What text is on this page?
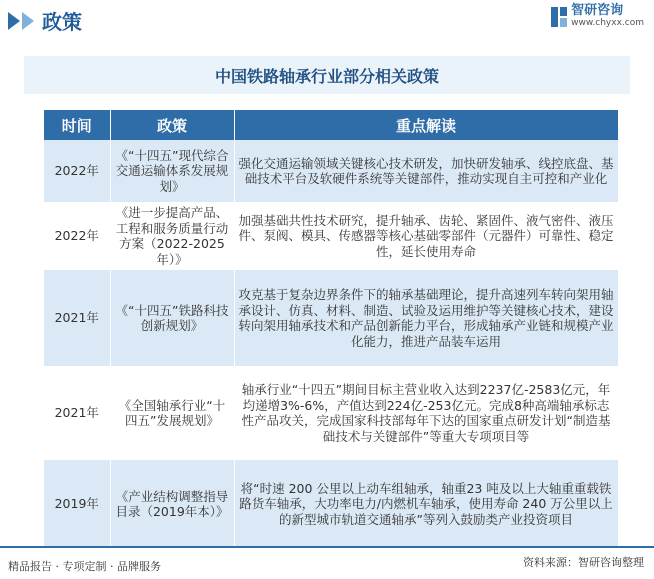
政策	智研咨询
www.chyxx.com
中国铁路轴承行业部分相关政策
时间	政策	重点解读
2022年	《“十四五”现代综合交通运输体系发展规划》	强化交通运输领域关键核心技术研发，加快研发轴承、线控底盘、基础技术平台及软硬件系统等关键部件，推动实现自主可控和产业化

2022年	《进一步提高产品、工程和服务质量行动方案（2022-2025年）》	加强基础共性技术研究，提升轴承、齿轮、紧固件、液气密件、液压件、泵阀、模具、传感器等核心基础零部件（元器件）可靠性、稳定性，延长使用寿命

2021年	《“十四五”铁路科技创新规划》	攻克基于复杂边界条件下的轴承基础理论，提升高速列车转向架用轴承设计、仿真、材料、制造、试验及运用维护等关键核心技术，建设转向架用轴承技术和产品创新能力平台，形成轴承产业链和规模产业化能力，推进产品装车运用

2021年	《全国轴承行业“十四五”发展规划》	轴承行业“十四五”期间目标主营业收入达到2237亿-2583亿元，年均递增3%-6%，产值达到224亿-253亿元。完成8种高端轴承标志性产品攻关，完成国家科技部每年下达的国家重点研发计划“制造基础技术与关键部件”等重大专项项目等

2019年	《产业结构调整指导目录（2019年本）》	将“时速 200 公里以上动车组轴承，轴重23 吨及以上大轴重重载铁路货车轴承，大功率电力/内燃机车轴承，使用寿命 240 万公里以上的新型城市轨道交通轴承”等列入鼓励类产业投资项目
精品报告 · 专项定制 · 品牌服务	资料来源：智研咨询整理
